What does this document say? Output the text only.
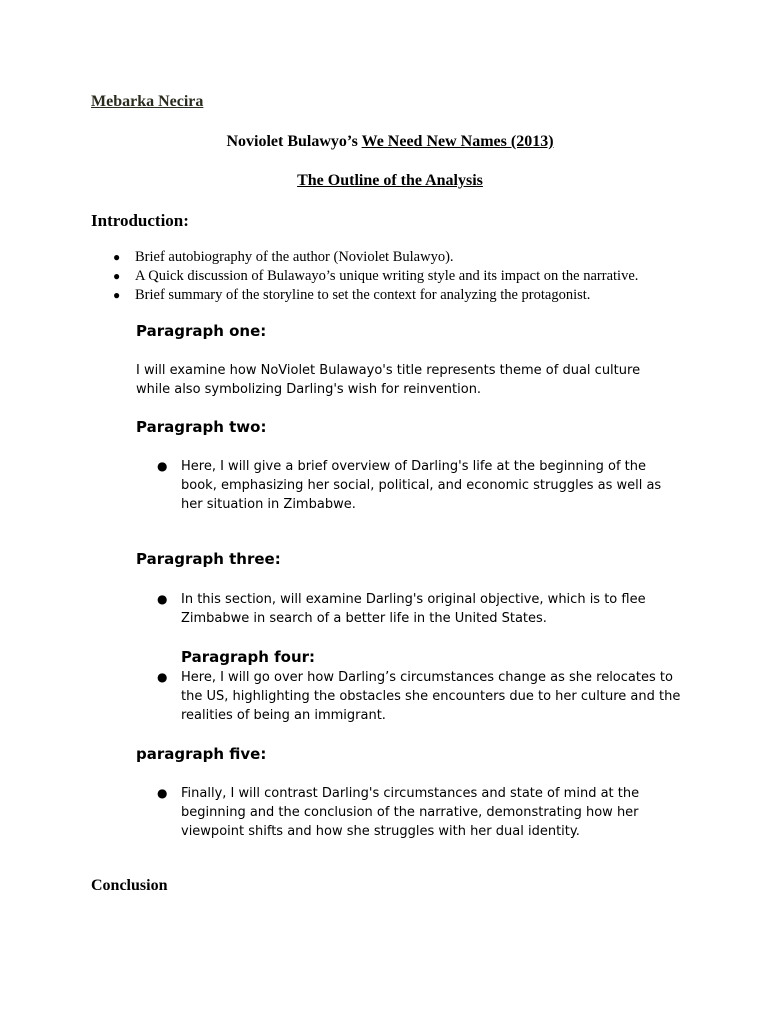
Mebarka Necira
Noviolet Bulawyo’s We Need New Names (2013)
The Outline of the Analysis
Introduction:
● Brief autobiography of the author (Noviolet Bulawyo).
● A Quick discussion of Bulawayo’s unique writing style and its impact on the narrative.
● Brief summary of the storyline to set the context for analyzing the protagonist.
Paragraph one:
I will examine how NoViolet Bulawayo's title represents theme of dual culture while also symbolizing Darling's wish for reinvention.
Paragraph two:
● Here, I will give a brief overview of Darling's life at the beginning of the book, emphasizing her social, political, and economic struggles as well as her situation in Zimbabwe.
Paragraph three:
● In this section, will examine Darling's original objective, which is to flee Zimbabwe in search of a better life in the United States.
Paragraph four:
● Here, I will go over how Darling’s circumstances change as she relocates to the US, highlighting the obstacles she encounters due to her culture and the realities of being an immigrant.
paragraph five:
● Finally, I will contrast Darling's circumstances and state of mind at the beginning and the conclusion of the narrative, demonstrating how her viewpoint shifts and how she struggles with her dual identity.
Conclusion
